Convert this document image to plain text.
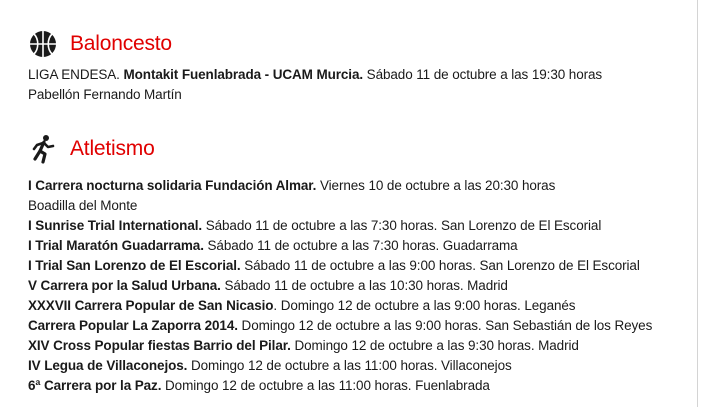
Baloncesto
LIGA ENDESA. Montakit Fuenlabrada - UCAM Murcia. Sábado 11 de octubre a las 19:30 horas
Pabellón Fernando Martín
Atletismo
I Carrera nocturna solidaria Fundación Almar. Viernes 10 de octubre a las 20:30 horas
Boadilla del Monte
I Sunrise Trial International. Sábado 11 de octubre a las 7:30 horas. San Lorenzo de El Escorial
I Trial Maratón Guadarrama. Sábado 11 de octubre a las 7:30 horas. Guadarrama
I Trial San Lorenzo de El Escorial. Sábado 11 de octubre a las 9:00 horas. San Lorenzo de El Escorial
V Carrera por la Salud Urbana. Sábado 11 de octubre a las 10:30 horas. Madrid
XXXVII Carrera Popular de San Nicasio. Domingo 12 de octubre a las 9:00 horas. Leganés
Carrera Popular La Zaporra 2014. Domingo 12 de octubre a las 9:00 horas. San Sebastián de los Reyes
XIV Cross Popular fiestas Barrio del Pilar. Domingo 12 de octubre a las 9:30 horas. Madrid
IV Legua de Villaconejos. Domingo 12 de octubre a las 11:00 horas. Villaconejos
6ª Carrera por la Paz. Domingo 12 de octubre a las 11:00 horas. Fuenlabrada
